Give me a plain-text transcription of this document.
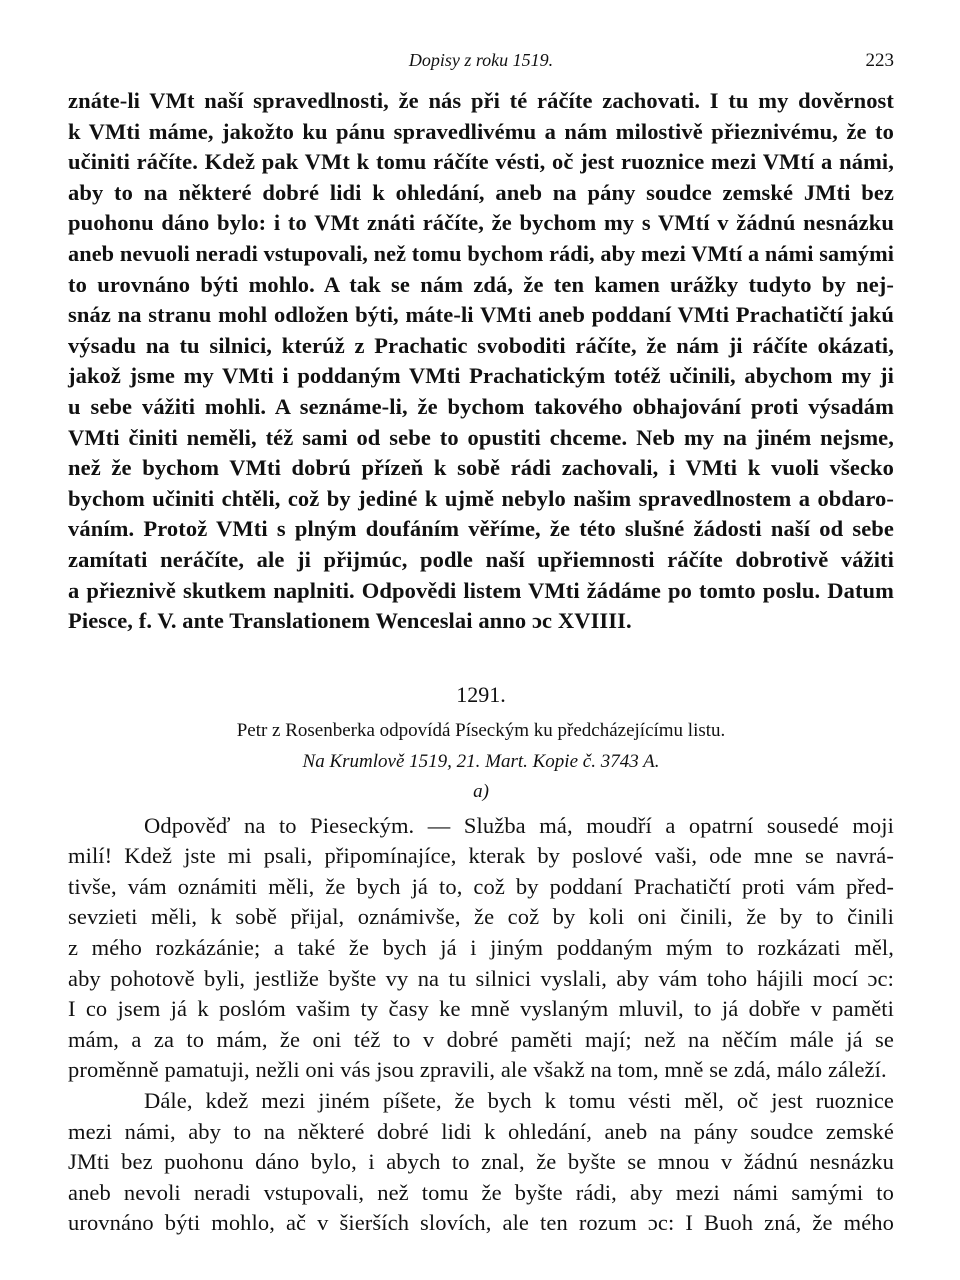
Dopisy z roku 1519.	223
znáte-li VMt naší spravedlnosti, že nás při té ráčíte zachovati. I tu my dověrnost
k VMti máme, jakožto ku pánu spravedlivému a nám milostivě přieznivému, že to
učiniti ráčíte. Kdež pak VMt k tomu ráčíte vésti, oč jest ruoznice mezi VMtí a námi,
aby to na některé dobré lidi k ohledání, aneb na pány soudce zemské JMti bez
puohonu dáno bylo: i to VMt znáti ráčíte, že bychom my s VMtí v žádnú nesnázku
aneb nevuoli neradi vstupovali, než tomu bychom rádi, aby mezi VMtí a námi samými
to urovnáno býti mohlo. A tak se nám zdá, že ten kamen urážky tudyto by nej-
snáz na stranu mohl odložen býti, máte-li VMti aneb poddaní VMti Prachatičtí jakú
výsadu na tu silnici, kterúž z Prachatic svoboditi ráčíte, že nám ji ráčíte okázati,
jakož jsme my VMti i poddaným VMti Prachatickým totéž učinili, abychom my ji
u sebe vážiti mohli. A seznáme-li, že bychom takového obhajování proti výsadám
VMti činiti neměli, též sami od sebe to opustiti chceme. Neb my na jiném nejsme,
než že bychom VMti dobrú přízeň k sobě rádi zachovali, i VMti k vuoli všecko
bychom učiniti chtěli, což by jediné k ujmě nebylo našim spravedlnostem a obdaro-
váním. Protož VMti s plným doufáním věříme, že této slušné žádosti naší od sebe
zamítati neráčíte, ale ji přijmúc, podle naší upřiemnosti ráčíte dobrotivě vážiti
a přieznivě skutkem naplniti. Odpovědi listem VMti žádáme po tomto poslu. Datum
Piesce, f. V. ante Translationem Wenceslai anno ɔc XVIIII.
1291.
Petr z Rosenberka odpovídá Píseckým ku předcházejícímu listu.
Na Krumlově 1519, 21. Mart. Kopie č. 3743 A.
a)
Odpověď na to Pieseckým. — Služba má, moudří a opatrní sousedé moji
milí! Kdež jste mi psali, připomínajíce, kterak by poslové vaši, ode mne se navrá-
tivše, vám oznámiti měli, že bych já to, což by poddaní Prachatičtí proti vám před-
sevzieti měli, k sobě přijal, oznámivše, že což by koli oni činili, že by to činili
z mého rozkázánie; a také že bych já i jiným poddaným mým to rozkázati měl,
aby pohotově byli, jestliže byšte vy na tu silnici vyslali, aby vám toho hájili mocí ɔc:
I co jsem já k poslóm vašim ty časy ke mně vyslaným mluvil, to já dobře v paměti
mám, a za to mám, že oni též to v dobré paměti mají; než na něčím mále já se
proměnně pamatuji, nežli oni vás jsou zpravili, ale všakž na tom, mně se zdá, málo záleží.
Dále, kdež mezi jiném píšete, že bych k tomu vésti měl, oč jest ruoznice
mezi námi, aby to na některé dobré lidi k ohledání, aneb na pány soudce zemské
JMti bez puohonu dáno bylo, i abych to znal, že byšte se mnou v žádnú nesnázku
aneb nevoli neradi vstupovali, než tomu že byšte rádi, aby mezi námi samými to
urovnáno býti mohlo, ač v šierších slovích, ale ten rozum ɔc: I Buoh zná, že mého
